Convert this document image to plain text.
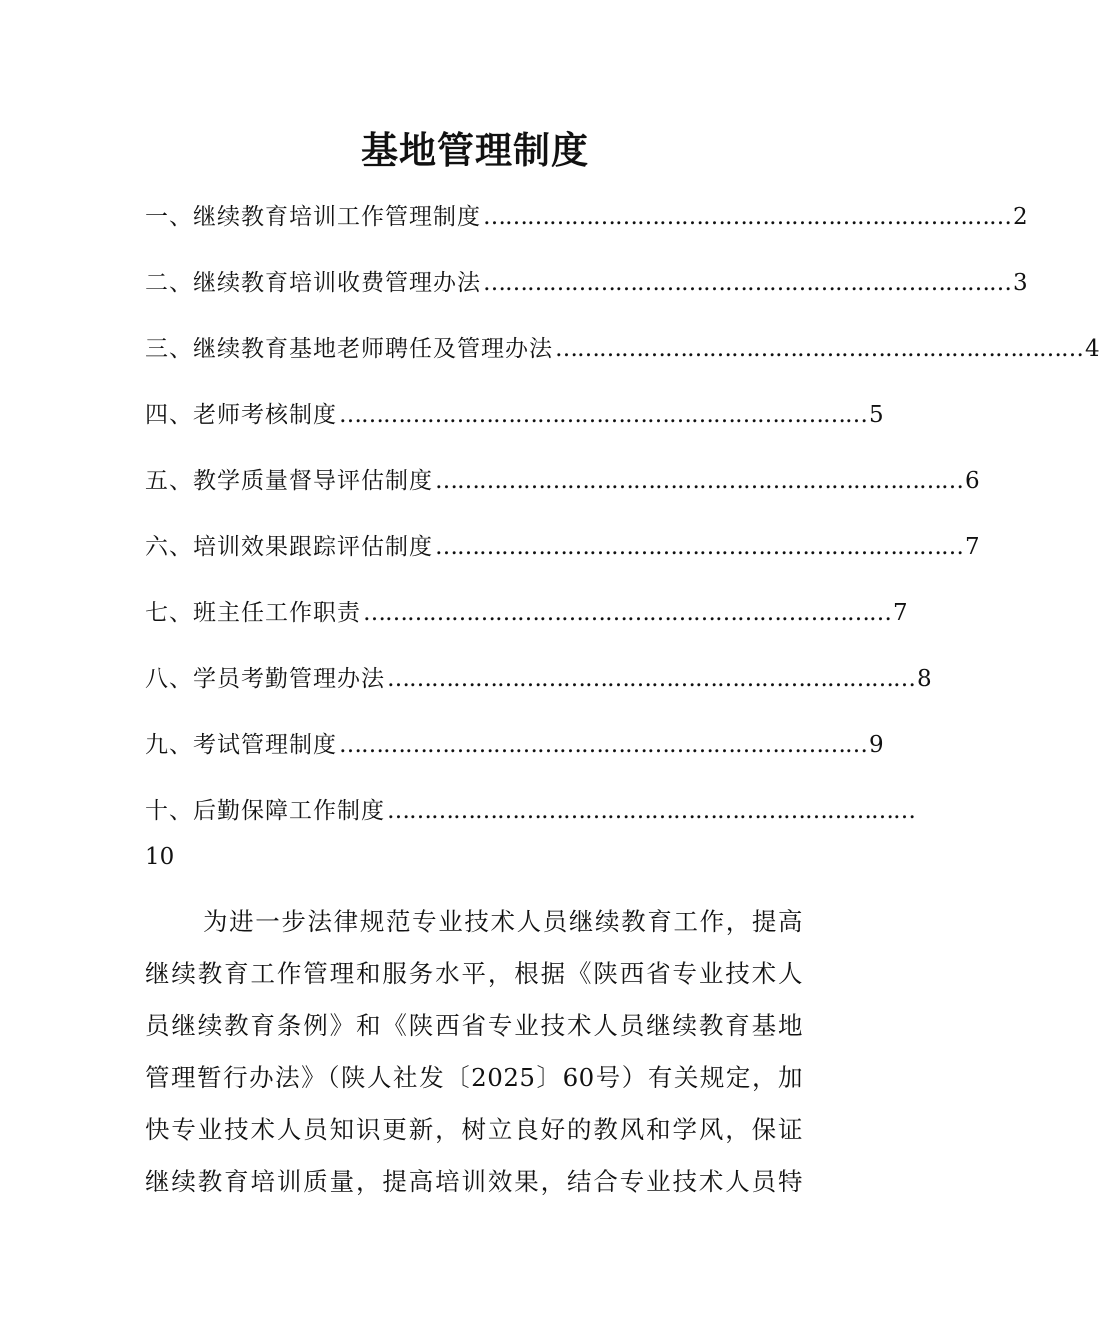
基地管理制度
一、继续教育培训工作管理制度 ……………………………………………………………… 2
二、继续教育培训收费管理办法 ……………………………………………………………… 3
三、继续教育基地老师聘任及管理办法 ……………………………………………………………… 4
四、老师考核制度 ……………………………………………………………… 5
五、教学质量督导评估制度 ……………………………………………………………… 6
六、培训效果跟踪评估制度 ……………………………………………………………… 7
七、班主任工作职责 ……………………………………………………………… 7
八、学员考勤管理办法 ……………………………………………………………… 8
九、考试管理制度 ……………………………………………………………… 9
十、后勤保障工作制度 ………………………………………………………………
10
为进一步法律规范专业技术人员继续教育工作，提高
继续教育工作管理和服务水平，根据《陕西省专业技术人
员继续教育条例》和《陕西省专业技术人员继续教育基地
管理暂行办法》（陕人社发〔2025〕60号）有关规定，加
快专业技术人员知识更新，树立良好的教风和学风，保证
继续教育培训质量，提高培训效果，结合专业技术人员特
